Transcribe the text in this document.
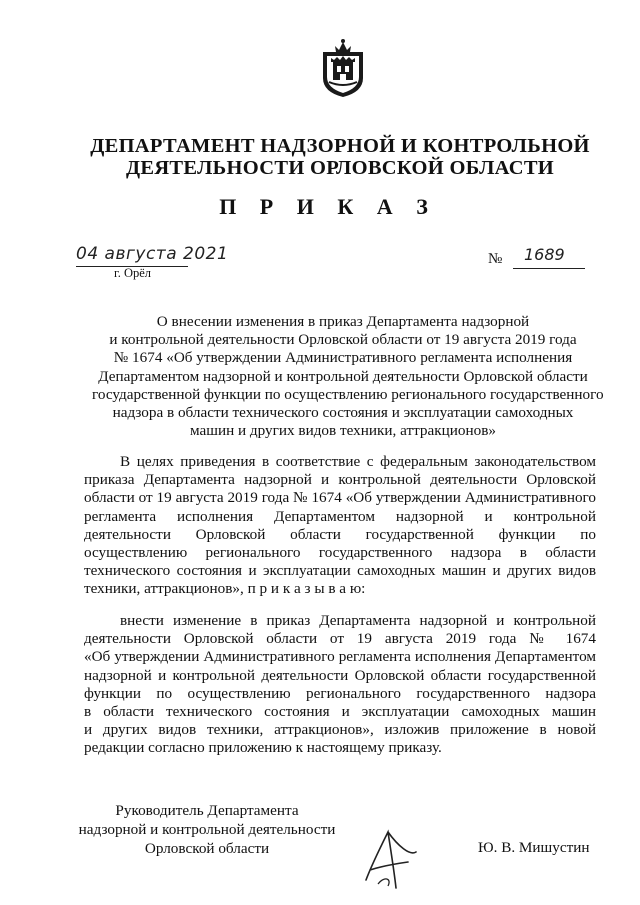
ДЕПАРТАМЕНТ НАДЗОРНОЙ И КОНТРОЛЬНОЙ
ДЕЯТЕЛЬНОСТИ ОРЛОВСКОЙ ОБЛАСТИ
П Р И К А З
04 августа 2021
г. Орёл
№ 1689
О внесении изменения в приказ Департамента надзорной
и контрольной деятельности Орловской области от 19 августа 2019 года
№ 1674 «Об утверждении Административного регламента исполнения
Департаментом надзорной и контрольной деятельности Орловской области
государственной функции по осуществлению регионального государственного
надзора в области технического состояния и эксплуатации самоходных
машин и других видов техники, аттракционов»
В целях приведения в соответствие с федеральным законодательством
приказа Департамента надзорной и контрольной деятельности Орловской
области от 19 августа 2019 года № 1674 «Об утверждении Административного
регламента исполнения Департаментом надзорной и контрольной
деятельности Орловской области государственной функции по
осуществлению регионального государственного надзора в области
технического состояния и эксплуатации самоходных машин и других видов
техники, аттракционов», п р и к а з ы в а ю:
внести изменение в приказ Департамента надзорной и контрольной
деятельности Орловской области от 19 августа 2019 года № 1674
«Об утверждении Административного регламента исполнения Департаментом
надзорной и контрольной деятельности Орловской области государственной
функции по осуществлению регионального государственного надзора
в области технического состояния и эксплуатации самоходных машин
и других видов техники, аттракционов», изложив приложение в новой
редакции согласно приложению к настоящему приказу.
Руководитель Департамента
надзорной и контрольной деятельности
Орловской области	Ю. В. Мишустин
